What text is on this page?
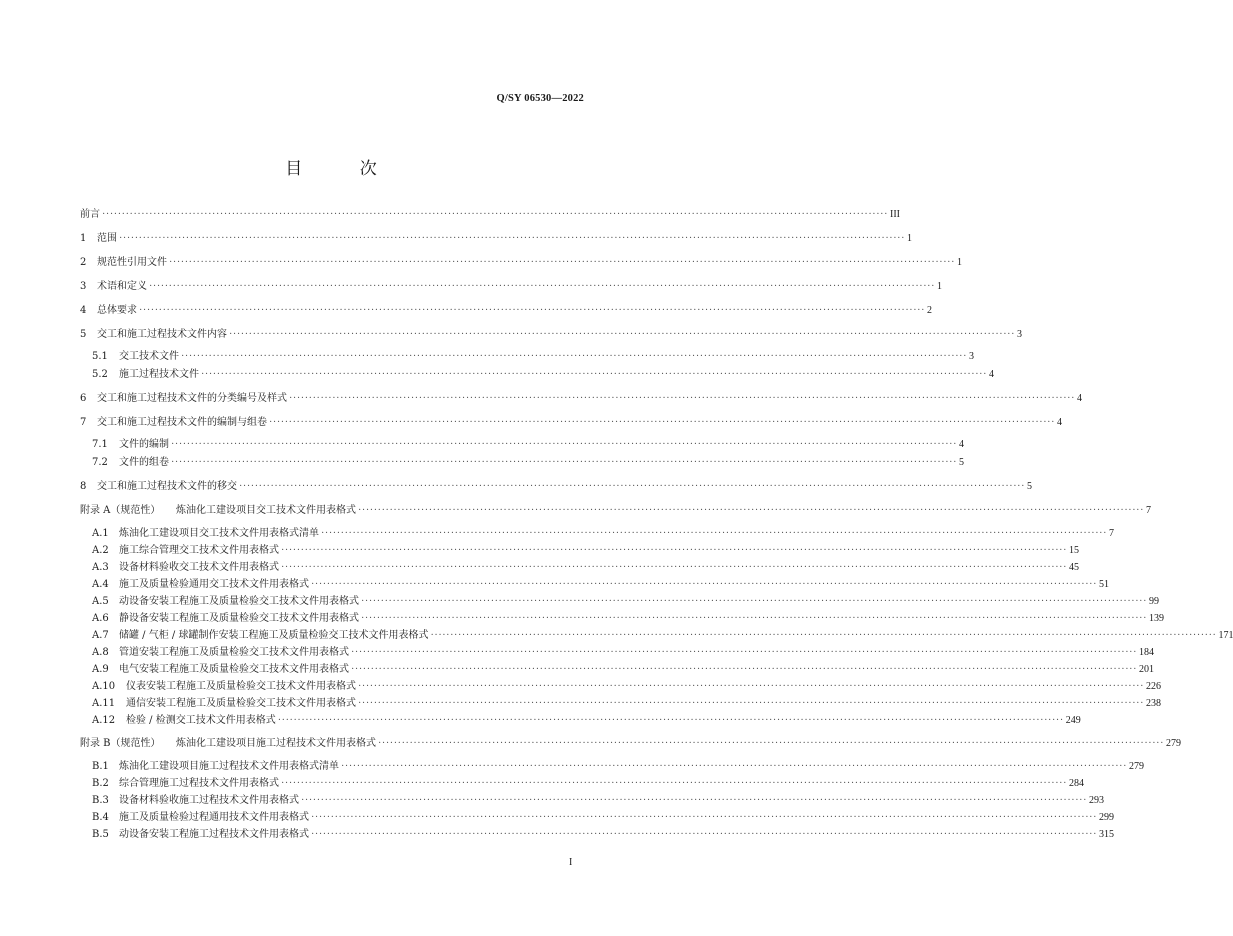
Q/SY 06530—2022
目 次
前言 ········································································································································································································ III
1	范围 ········································································································································································································ 1
2	规范性引用文件 ········································································································································································································ 1
3	术语和定义 ········································································································································································································ 1
4	总体要求 ········································································································································································································ 2
5	交工和施工过程技术文件内容 ········································································································································································································ 3
5.1	交工技术文件 ········································································································································································································ 3
5.2	施工过程技术文件 ········································································································································································································ 4
6	交工和施工过程技术文件的分类编号及样式 ········································································································································································································ 4
7	交工和施工过程技术文件的编制与组卷 ········································································································································································································ 4
7.1	文件的编制 ········································································································································································································ 4
7.2	文件的组卷 ········································································································································································································ 5
8	交工和施工过程技术文件的移交 ········································································································································································································ 5
附录 A（规范性）	炼油化工建设项目交工技术文件用表格式 ········································································································································································································ 7
A.1	炼油化工建设项目交工技术文件用表格式清单 ········································································································································································································ 7
A.2	施工综合管理交工技术文件用表格式 ········································································································································································································ 15
A.3	设备材料验收交工技术文件用表格式 ········································································································································································································ 45
A.4	施工及质量检验通用交工技术文件用表格式 ········································································································································································································ 51
A.5	动设备安装工程施工及质量检验交工技术文件用表格式 ········································································································································································································ 99
A.6	静设备安装工程施工及质量检验交工技术文件用表格式 ········································································································································································································ 139
A.7	储罐 / 气柜 / 球罐制作安装工程施工及质量检验交工技术文件用表格式 ········································································································································································································ 171
A.8	管道安装工程施工及质量检验交工技术文件用表格式 ········································································································································································································ 184
A.9	电气安装工程施工及质量检验交工技术文件用表格式 ········································································································································································································ 201
A.10	仪表安装工程施工及质量检验交工技术文件用表格式 ········································································································································································································ 226
A.11	通信安装工程施工及质量检验交工技术文件用表格式 ········································································································································································································ 238
A.12	检验 / 检测交工技术文件用表格式 ········································································································································································································ 249
附录 B（规范性）	炼油化工建设项目施工过程技术文件用表格式 ········································································································································································································ 279
B.1	炼油化工建设项目施工过程技术文件用表格式清单 ········································································································································································································ 279
B.2	综合管理施工过程技术文件用表格式 ········································································································································································································ 284
B.3	设备材料验收施工过程技术文件用表格式 ········································································································································································································ 293
B.4	施工及质量检验过程通用技术文件用表格式 ········································································································································································································ 299
B.5	动设备安装工程施工过程技术文件用表格式 ········································································································································································································ 315
I
